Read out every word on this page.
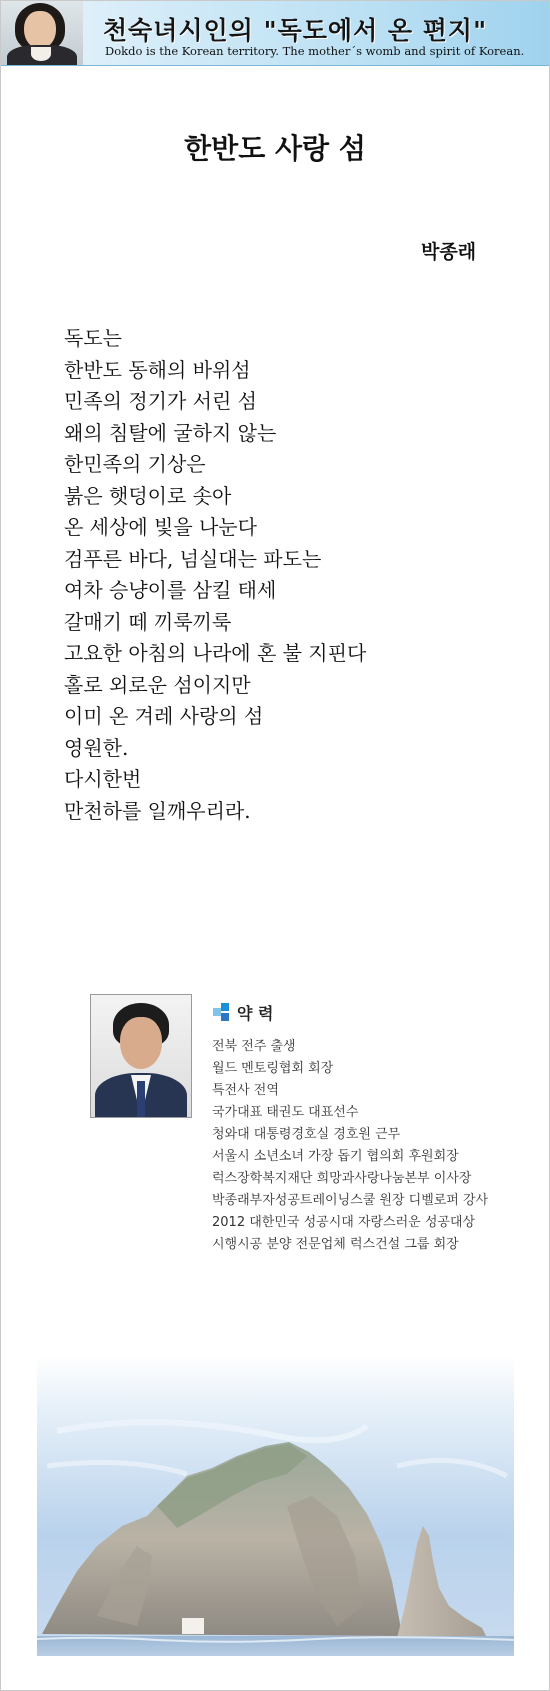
천숙녀시인의 "독도에서 온 편지"
Dokdo is the Korean territory. The mother´s womb and spirit of Korean.
한반도 사랑 섬
박종래
독도는
한반도 동해의 바위섬
민족의 정기가 서린 섬
왜의 침탈에 굴하지 않는
한민족의 기상은
붉은 햇덩이로 솟아
온 세상에 빛을 나눈다
검푸른 바다, 넘실대는 파도는
여차 승냥이를 삼킬 태세
갈매기 떼 끼룩끼룩
고요한 아침의 나라에 혼 불 지핀다
홀로 외로운 섬이지만
이미 온 겨레 사랑의 섬
영원한.
다시한번
만천하를 일깨우리라.
약 력
전북 전주 출생
월드 멘토링협회 회장
특전사 전역
국가대표 태권도 대표선수
청와대 대통령경호실 경호원 근무
서울시 소년소녀 가장 돕기 협의회 후원회장
럭스장학복지재단 희망과사랑나눔본부 이사장
박종래부자성공트레이닝스쿨 원장 디벨로퍼 강사
2012 대한민국 성공시대 자랑스러운 성공대상
시행시공 분양 전문업체 럭스건설 그룹 회장
